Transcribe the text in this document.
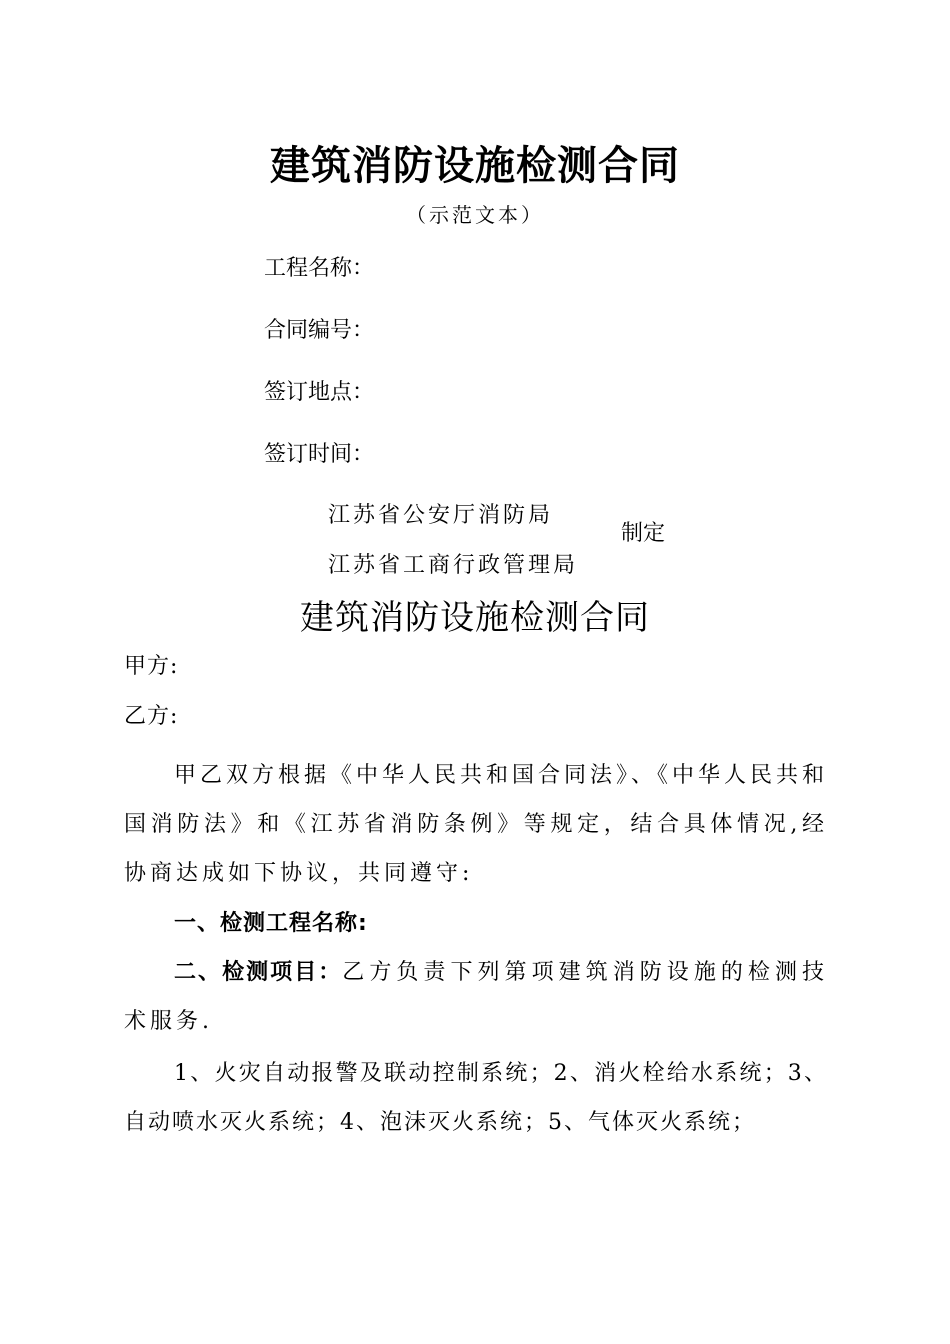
建筑消防设施检测合同
（示范文本）
工程名称：
合同编号：
签订地点：
签订时间：
江苏省公安厅消防局
江苏省工商行政管理局
制定
建筑消防设施检测合同
甲方:
乙方:
甲乙双方根据《中华人民共和国合同法》、《中华人民共和国消防法》和《江苏省消防条例》等规定，结合具体情况,经协商达成如下协议，共同遵守:
一、检测工程名称:
二、检测项目：乙方负责下列第项建筑消防设施的检测技术服务.
1、火灾自动报警及联动控制系统；2、消火栓给水系统；3、自动喷水灭火系统；4、泡沫灭火系统；5、气体灭火系统；
